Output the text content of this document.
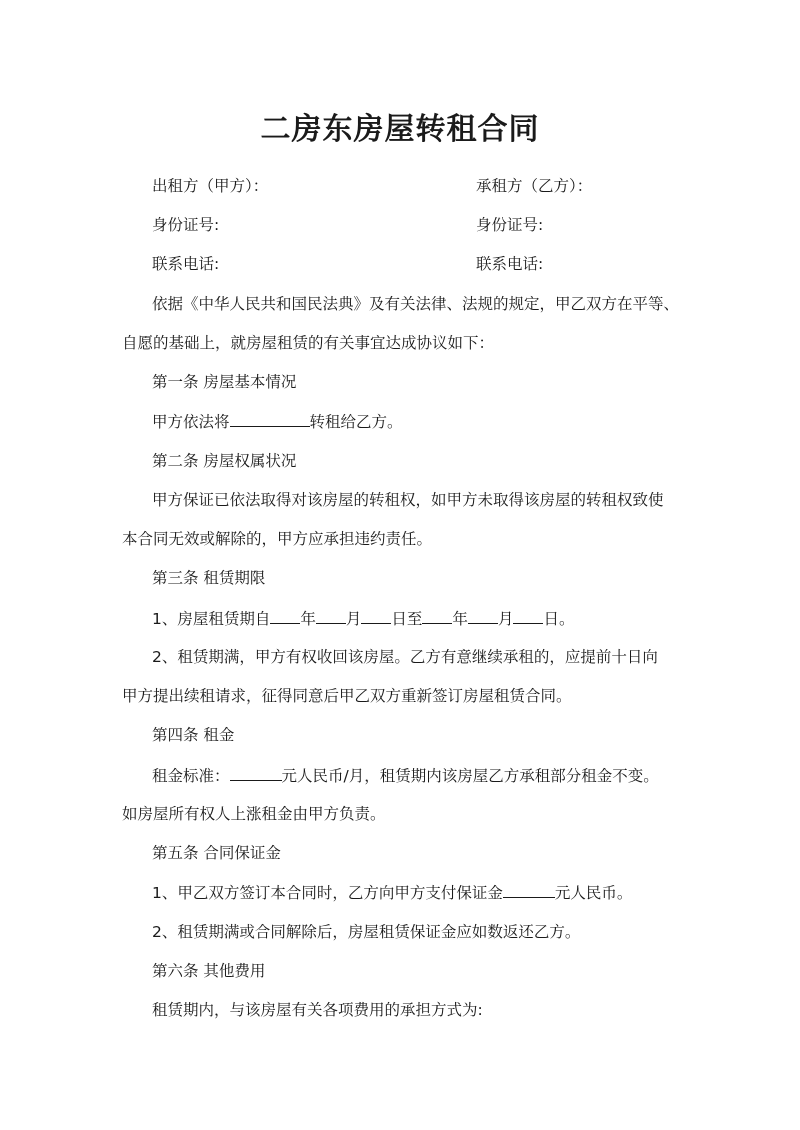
二房东房屋转租合同
出租方（甲方）：	承租方（乙方）：
身份证号:	身份证号:
联系电话:	联系电话:
依据《中华人民共和国民法典》及有关法律、法规的规定，甲乙双方在平等、
自愿的基础上，就房屋租赁的有关事宜达成协议如下：
第一条 房屋基本情况
甲方依法将	转租给乙方。
第二条 房屋权属状况
甲方保证已依法取得对该房屋的转租权，如甲方未取得该房屋的转租权致使
本合同无效或解除的，甲方应承担违约责任。
第三条 租赁期限
1、房屋租赁期自 年 月 日至 年 月 日。
2、租赁期满，甲方有权收回该房屋。乙方有意继续承租的，应提前十日向
甲方提出续租请求，征得同意后甲乙双方重新签订房屋租赁合同。
第四条 租金
租金标准：	元人民币/月，租赁期内该房屋乙方承租部分租金不变。
如房屋所有权人上涨租金由甲方负责。
第五条 合同保证金
1、甲乙双方签订本合同时，乙方向甲方支付保证金	元人民币。
2、租赁期满或合同解除后，房屋租赁保证金应如数返还乙方。
第六条 其他费用
租赁期内，与该房屋有关各项费用的承担方式为:
